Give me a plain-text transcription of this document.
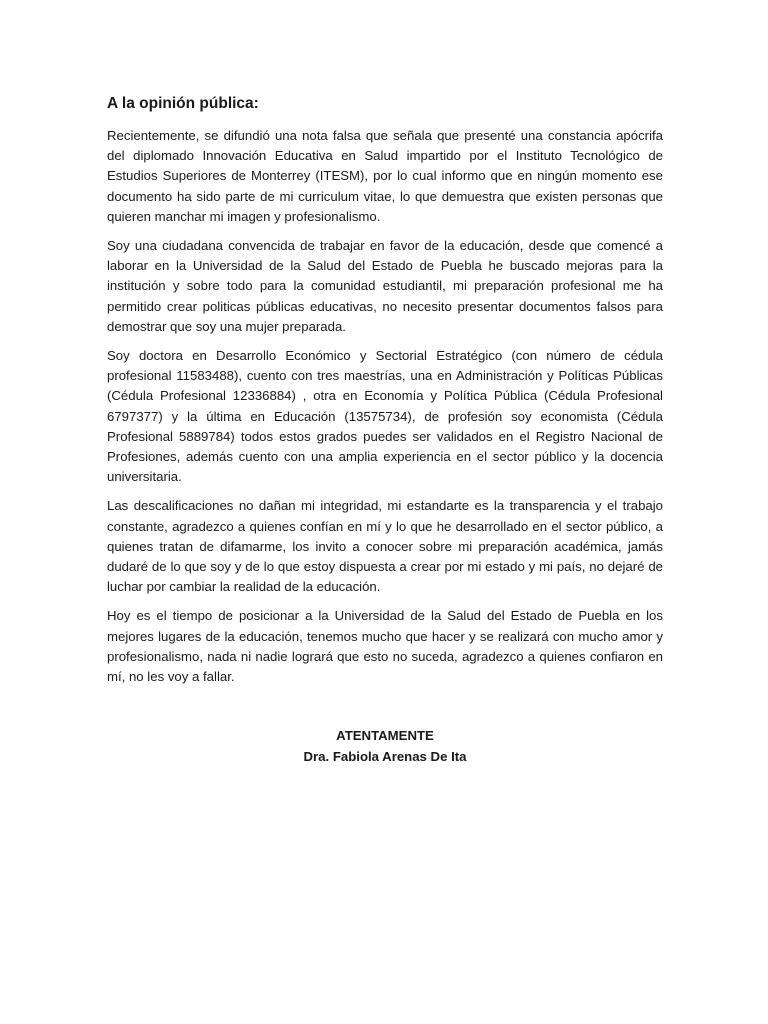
A la opinión pública:

Recientemente, se difundió una nota falsa que señala que presenté una constancia apócrifa del diplomado Innovación Educativa en Salud impartido por el Instituto Tecnológico de Estudios Superiores de Monterrey (ITESM), por lo cual informo que en ningún momento ese documento ha sido parte de mi curriculum vitae, lo que demuestra que existen personas que quieren manchar mi imagen y profesionalismo.

Soy una ciudadana convencida de trabajar en favor de la educación, desde que comencé a laborar en la Universidad de la Salud del Estado de Puebla he buscado mejoras para la institución y sobre todo para la comunidad estudiantil, mi preparación profesional me ha permitido crear politicas públicas educativas, no necesito presentar documentos falsos para demostrar que soy una mujer preparada.

Soy doctora en Desarrollo Económico y Sectorial Estratégico (con número de cédula profesional 11583488), cuento con tres maestrías, una en Administración y Políticas Públicas (Cédula Profesional 12336884) , otra en Economía y Política Pública (Cédula Profesional 6797377) y la última en Educación (13575734), de profesión soy economista (Cédula Profesional 5889784) todos estos grados puedes ser validados en el Registro Nacional de Profesiones, además cuento con una amplia experiencia en el sector público y la docencia universitaria.

Las descalificaciones no dañan mi integridad, mi estandarte es la transparencia y el trabajo constante, agradezco a quienes confían en mí y lo que he desarrollado en el sector público, a quienes tratan de difamarme, los invito a conocer sobre mi preparación académica, jamás dudaré de lo que soy y de lo que estoy dispuesta a crear por mi estado y mi país, no dejaré de luchar por cambiar la realidad de la educación.

Hoy es el tiempo de posicionar a la Universidad de la Salud del Estado de Puebla en los mejores lugares de la educación, tenemos mucho que hacer y se realizará con mucho amor y profesionalismo, nada ni nadie logrará que esto no suceda, agradezco a quienes confiaron en mí, no les voy a fallar.

ATENTAMENTE
Dra. Fabiola Arenas De Ita
